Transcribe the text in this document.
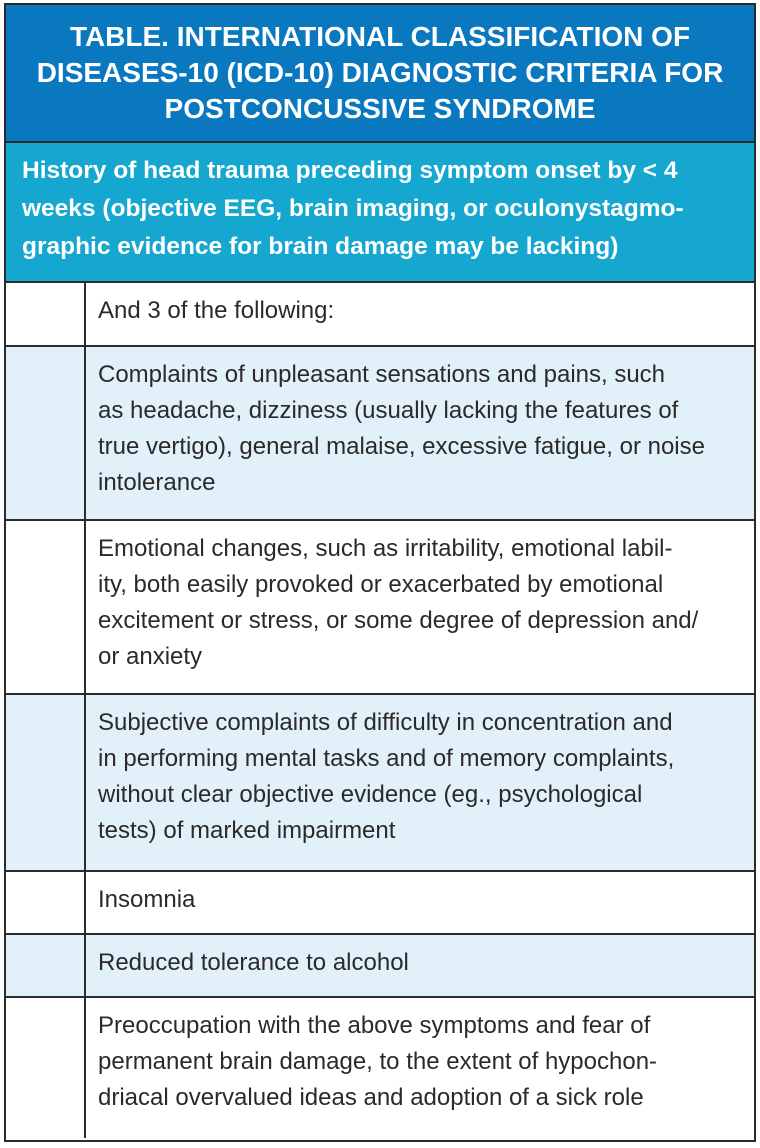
TABLE. INTERNATIONAL CLASSIFICATION OF
DISEASES-10 (ICD-10) DIAGNOSTIC CRITERIA FOR
POSTCONCUSSIVE SYNDROME
History of head trauma preceding symptom onset by < 4
weeks (objective EEG, brain imaging, or oculonystagmo-
graphic evidence for brain damage may be lacking)
And 3 of the following:
Complaints of unpleasant sensations and pains, such
as headache, dizziness (usually lacking the features of
true vertigo), general malaise, excessive fatigue, or noise
intolerance
Emotional changes, such as irritability, emotional labil-
ity, both easily provoked or exacerbated by emotional
excitement or stress, or some degree of depression and/
or anxiety
Subjective complaints of difficulty in concentration and
in performing mental tasks and of memory complaints,
without clear objective evidence (eg., psychological
tests) of marked impairment
Insomnia
Reduced tolerance to alcohol
Preoccupation with the above symptoms and fear of
permanent brain damage, to the extent of hypochon-
driacal overvalued ideas and adoption of a sick role
